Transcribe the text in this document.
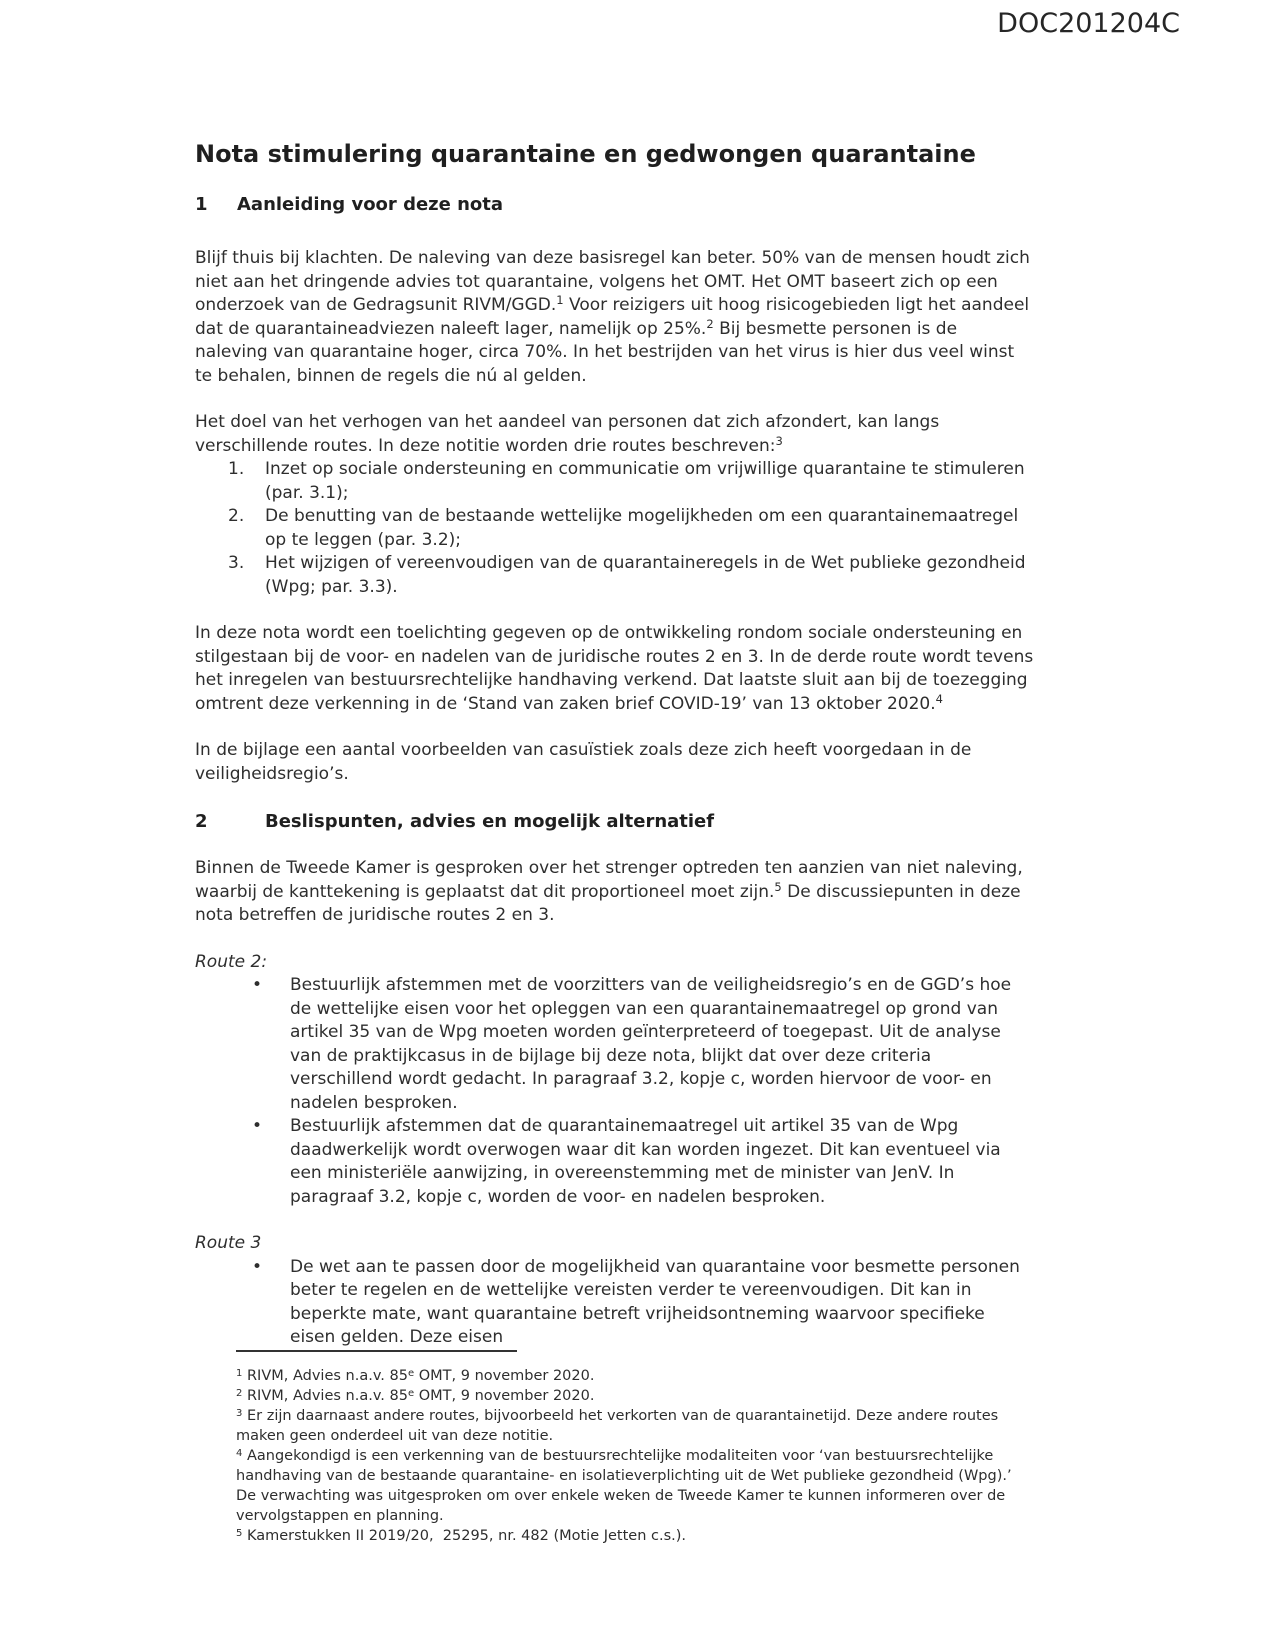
DOC201204C
Nota stimulering quarantaine en gedwongen quarantaine
1	Aanleiding voor deze nota

Blijf thuis bij klachten. De naleving van deze basisregel kan beter. 50% van de mensen houdt zich niet aan het dringende advies tot quarantaine, volgens het OMT. Het OMT baseert zich op een onderzoek van de Gedragsunit RIVM/GGD.$^1$ Voor reizigers uit hoog risicogebieden ligt het aandeel dat de quarantaineadviezen naleeft lager, namelijk op 25%.$^2$ Bij besmette personen is de naleving van quarantaine hoger, circa 70%. In het bestrijden van het virus is hier dus veel winst te behalen, binnen de regels die nú al gelden.

Het doel van het verhogen van het aandeel van personen dat zich afzondert, kan langs verschillende routes. In deze notitie worden drie routes beschreven:$^3$

1.	Inzet op sociale ondersteuning en communicatie om vrijwillige quarantaine te stimuleren (par. 3.1);
2.	De benutting van de bestaande wettelijke mogelijkheden om een quarantainemaatregel op te leggen (par. 3.2);
3.	Het wijzigen of vereenvoudigen van de quarantaineregels in de Wet publieke gezondheid (Wpg; par. 3.3).

In deze nota wordt een toelichting gegeven op de ontwikkeling rondom sociale ondersteuning en stilgestaan bij de voor- en nadelen van de juridische routes 2 en 3. In de derde route wordt tevens het inregelen van bestuursrechtelijke handhaving verkend. Dat laatste sluit aan bij de toezegging omtrent deze verkenning in de ‘Stand van zaken brief COVID-19’ van 13 oktober 2020.$^4$

In de bijlage een aantal voorbeelden van casuïstiek zoals deze zich heeft voorgedaan in de veiligheidsregio’s.

2	Beslispunten, advies en mogelijk alternatief

Binnen de Tweede Kamer is gesproken over het strenger optreden ten aanzien van niet naleving, waarbij de kanttekening is geplaatst dat dit proportioneel moet zijn.$^5$ De discussiepunten in deze nota betreffen de juridische routes 2 en 3.

Route 2:
•	Bestuurlijk afstemmen met de voorzitters van de veiligheidsregio’s en de GGD’s hoe de wettelijke eisen voor het opleggen van een quarantainemaatregel op grond van artikel 35 van de Wpg moeten worden geïnterpreteerd of toegepast. Uit de analyse van de praktijkcasus in de bijlage bij deze nota, blijkt dat over deze criteria verschillend wordt gedacht. In paragraaf 3.2, kopje c, worden hiervoor de voor- en nadelen besproken.
•	Bestuurlijk afstemmen dat de quarantainemaatregel uit artikel 35 van de Wpg daadwerkelijk wordt overwogen waar dit kan worden ingezet. Dit kan eventueel via een ministeriële aanwijzing, in overeenstemming met de minister van JenV. In paragraaf 3.2, kopje c, worden de voor- en nadelen besproken.
Route 3
•	De wet aan te passen door de mogelijkheid van quarantaine voor besmette personen beter te regelen en de wettelijke vereisten verder te vereenvoudigen. Dit kan in beperkte mate, want quarantaine betreft vrijheidsontneming waarvoor specifieke eisen gelden. Deze eisen

$^1$ RIVM, Advies n.a.v. 85e OMT, 9 november 2020.

$^2$ RIVM, Advies n.a.v. 85e OMT, 9 november 2020.

$^3$ Er zijn daarnaast andere routes, bijvoorbeeld het verkorten van de quarantainetijd. Deze andere routes maken geen onderdeel uit van deze notitie.

$^4$ Aangekondigd is een verkenning van de bestuursrechtelijke modaliteiten voor ‘van bestuursrechtelijke handhaving van de bestaande quarantaine- en isolatieverplichting uit de Wet publieke gezondheid (Wpg).’ De verwachting was uitgesproken om over enkele weken de Tweede Kamer te kunnen informeren over de vervolgstappen en planning.

$^5$ Kamerstukken II 2019/20,  25295, nr. 482 (Motie Jetten c.s.).
